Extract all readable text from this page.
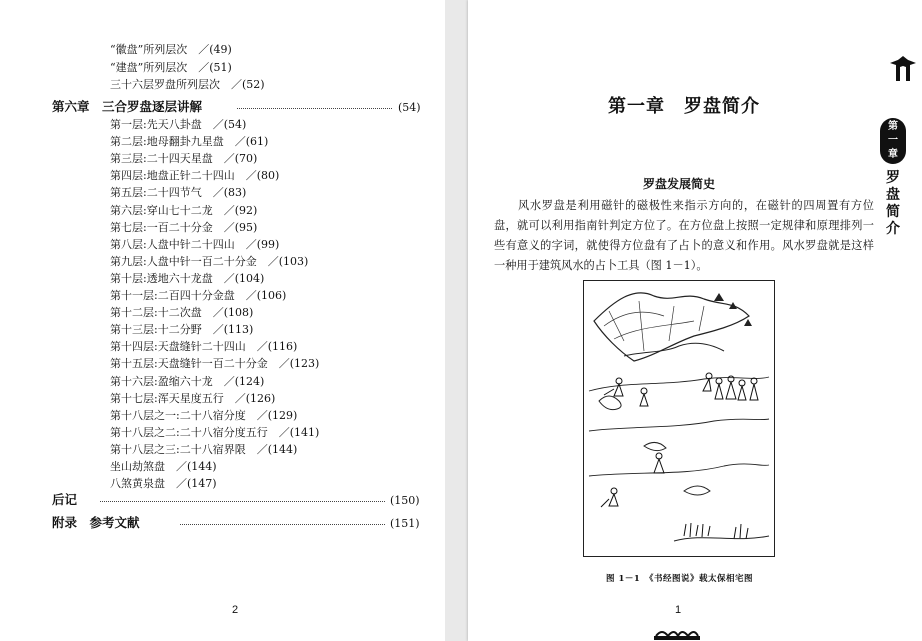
“徽盘”所列层次  ／(49)
“建盘”所列层次  ／(51)
三十六层罗盘所列层次  ／(52)
第六章  三合罗盘逐层讲解	(54)
第一层:先天八卦盘  ／(54)
第二层:地母翻卦九星盘  ／(61)
第三层:二十四天星盘  ／(70)
第四层:地盘正针二十四山  ／(80)
第五层:二十四节气  ／(83)
第六层:穿山七十二龙  ／(92)
第七层:一百二十分金  ／(95)
第八层:人盘中针二十四山  ／(99)
第九层:人盘中针一百二十分金  ／(103)
第十层:透地六十龙盘  ／(104)
第十一层:二百四十分金盘  ／(106)
第十二层:十二次盘  ／(108)
第十三层:十二分野  ／(113)
第十四层:天盘缝针二十四山  ／(116)
第十五层:天盘缝针一百二十分金  ／(123)
第十六层:盈缩六十龙  ／(124)
第十七层:浑天星度五行  ／(126)
第十八层之一:二十八宿分度  ／(129)
第十八层之二:二十八宿分度五行  ／(141)
第十八层之三:二十八宿界限  ／(144)
坐山劫煞盘  ／(144)
八煞黄泉盘  ／(147)
后记	(150)
附录  参考文献	(151)
2
第一章　罗盘简介
第
一
章
罗
盘
简
介
罗盘发展简史
风水罗盘是利用磁针的磁极性来指示方向的，在磁针的四周置有方位盘，就可以利用指南针判定方位了。在方位盘上按照一定规律和原理排列一些有意义的字词，就使得方位盘有了占卜的意义和作用。风水罗盘就是这样一种用于建筑风水的占卜工具（图 1－1）。
图 1－1　《书经图说》载太保相宅图
1
